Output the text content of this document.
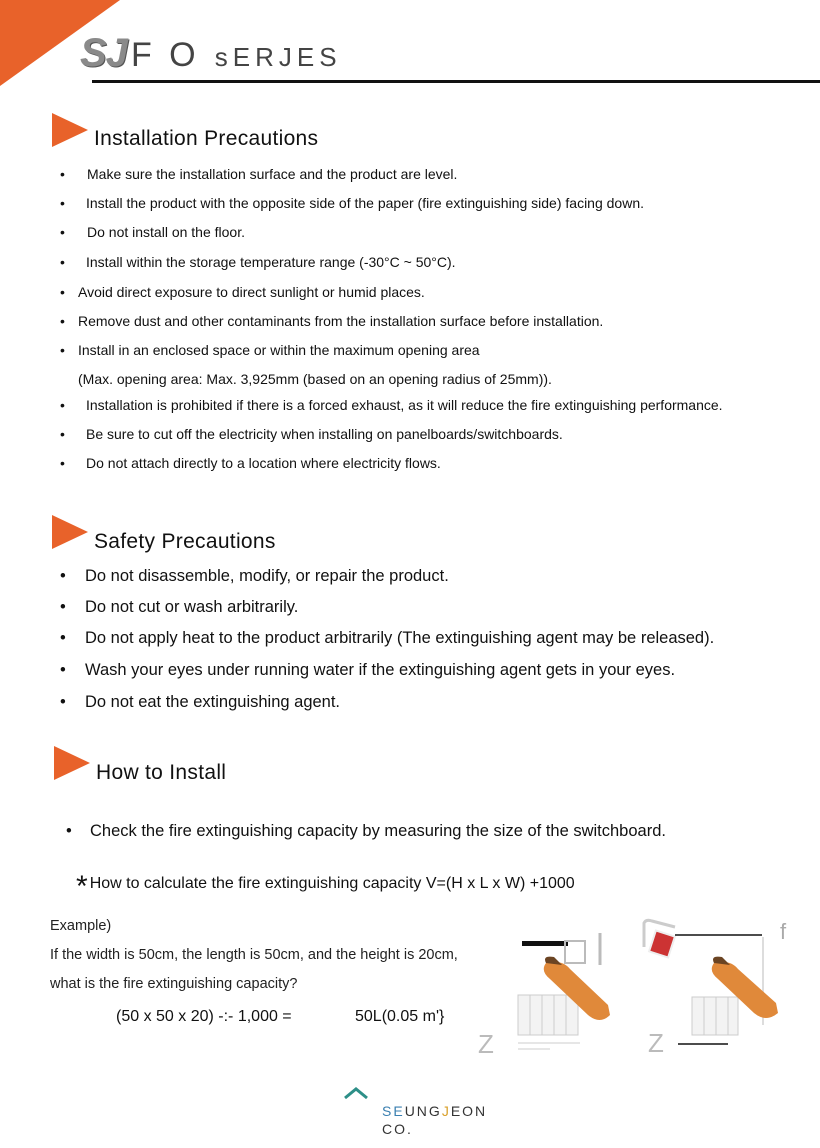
SJ F O sERJES
Installation Precautions
• Make sure the installation surface and the product are level.
• Install the product with the opposite side of the paper (fire extinguishing side) facing down.
• Do not install on the floor.
• Install within the storage temperature range (-30°C ~ 50°C).
• Avoid direct exposure to direct sunlight or humid places.
• Remove dust and other contaminants from the installation surface before installation.
• Install in an enclosed space or within the maximum opening area
(Max. opening area: Max. 3,925mm (based on an opening radius of 25mm)).
• Installation is prohibited if there is a forced exhaust, as it will reduce the fire extinguishing performance.
• Be sure to cut off the electricity when installing on panelboards/switchboards.
• Do not attach directly to a location where electricity flows.
Safety Precautions
• Do not disassemble, modify, or repair the product.
• Do not cut or wash arbitrarily.
• Do not apply heat to the product arbitrarily (The extinguishing agent may be released).
• Wash your eyes under running water if the extinguishing agent gets in your eyes.
• Do not eat the extinguishing agent.
How to Install
• Check the fire extinguishing capacity by measuring the size of the switchboard.
* How to calculate the fire extinguishing capacity V=(H x L x W) +1000
Example)
If the width is 50cm, the length is 50cm, and the height is 20cm,
what is the fire extinguishing capacity?
(50 x 50 x 20) -:- 1,000 =	50L(0.05 m'}
Z
f
Z
SEUNGJEON
CO.
